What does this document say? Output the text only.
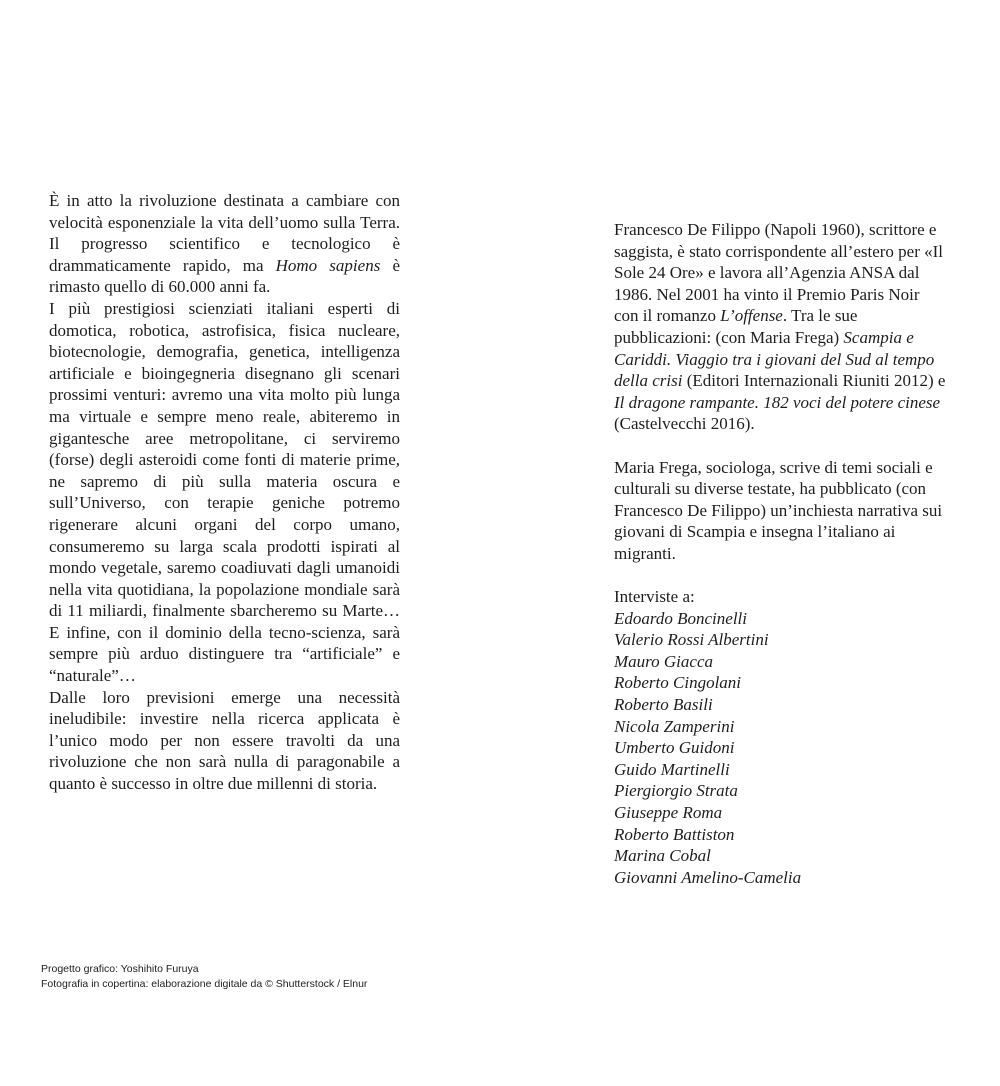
È in atto la rivoluzione destinata a cambiare con velocità esponenziale la vita dell’uomo sulla Terra. Il progresso scientifico e tecnologico è drammaticamente rapido, ma Homo sapiens è rimasto quello di 60.000 anni fa.

I più prestigiosi scienziati italiani esperti di domotica, robotica, astrofisica, fisica nucleare, biotecnologie, demografia, genetica, intelligenza artificiale e bioingegneria disegnano gli scenari prossimi venturi: avremo una vita molto più lunga ma virtuale e sempre meno reale, abiteremo in gigantesche aree metropolitane, ci serviremo (forse) degli asteroidi come fonti di materie prime, ne sapremo di più sulla materia oscura e sull’Universo, con terapie geniche potremo rigenerare alcuni organi del corpo umano, consumeremo su larga scala prodotti ispirati al mondo vegetale, saremo coadiuvati dagli umanoidi nella vita quotidiana, la popolazione mondiale sarà di 11 miliardi, finalmente sbarcheremo su Marte… E infine, con il dominio della tecno-scienza, sarà sempre più arduo distinguere tra “artificiale” e “naturale”…

Dalle loro previsioni emerge una necessità ineludibile: investire nella ricerca applicata è l’unico modo per non essere travolti da una rivoluzione che non sarà nulla di paragonabile a quanto è successo in oltre due millenni di storia.

Francesco De Filippo (Napoli 1960), scrittore e saggista, è stato corrispondente all’estero per «Il Sole 24 Ore» e lavora all’Agenzia ANSA dal 1986. Nel 2001 ha vinto il Premio Paris Noir con il romanzo L’offense. Tra le sue pubblicazioni: (con Maria Frega) Scampia e Cariddi. Viaggio tra i giovani del Sud al tempo della crisi (Editori Internazionali Riuniti 2012) e Il dragone rampante. 182 voci del potere cinese (Castelvecchi 2016).

Maria Frega, sociologa, scrive di temi sociali e culturali su diverse testate, ha pubblicato (con Francesco De Filippo) un’inchiesta narrativa sui giovani di Scampia e insegna l’italiano ai migranti.

Interviste a:

Edoardo Boncinelli
Valerio Rossi Albertini
Mauro Giacca
Roberto Cingolani
Roberto Basili
Nicola Zamperini
Umberto Guidoni
Guido Martinelli
Piergiorgio Strata
Giuseppe Roma
Roberto Battiston
Marina Cobal
Giovanni Amelino-Camelia
Progetto grafico: Yoshihito Furuya
Fotografia in copertina: elaborazione digitale da © Shutterstock / Elnur
